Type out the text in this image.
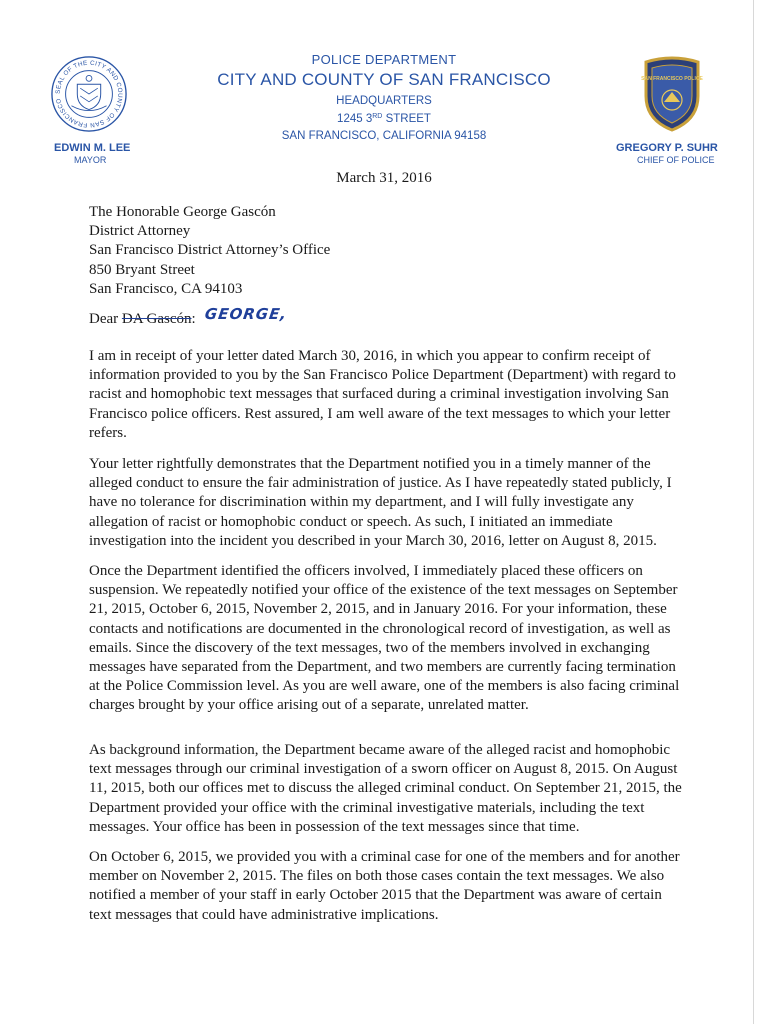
SEAL OF THE CITY AND COUNTY OF SAN FRANCISCO
POLICE DEPARTMENT
CITY AND COUNTY OF SAN FRANCISCO
HEADQUARTERS
1245 3RD STREET
SAN FRANCISCO, CALIFORNIA 94158
SAN FRANCISCO POLICE
EDWIN M. LEE
MAYOR
GREGORY P. SUHR
CHIEF OF POLICE
March 31, 2016
The Honorable George Gascón
District Attorney
San Francisco District Attorney’s Office
850 Bryant Street
San Francisco, CA 94103
Dear DA Gascón: GEORGE,

I am in receipt of your letter dated March 30, 2016, in which you appear to confirm receipt of information provided to you by the San Francisco Police Department (Department) with regard to racist and homophobic text messages that surfaced during a criminal investigation involving San Francisco police officers. Rest assured, I am well aware of the text messages to which your letter refers.

Your letter rightfully demonstrates that the Department notified you in a timely manner of the alleged conduct to ensure the fair administration of justice. As I have repeatedly stated publicly, I have no tolerance for discrimination within my department, and I will fully investigate any allegation of racist or homophobic conduct or speech. As such, I initiated an immediate investigation into the incident you described in your March 30, 2016, letter on August 8, 2015.

Once the Department identified the officers involved, I immediately placed these officers on suspension. We repeatedly notified your office of the existence of the text messages on September 21, 2015, October 6, 2015, November 2, 2015, and in January 2016. For your information, these contacts and notifications are documented in the chronological record of investigation, as well as emails. Since the discovery of the text messages, two of the members involved in exchanging messages have separated from the Department, and two members are currently facing termination at the Police Commission level. As you are well aware, one of the members is also facing criminal charges brought by your office arising out of a separate, unrelated matter.

As background information, the Department became aware of the alleged racist and homophobic text messages through our criminal investigation of a sworn officer on August 8, 2015. On August 11, 2015, both our offices met to discuss the alleged criminal conduct. On September 21, 2015, the Department provided your office with the criminal investigative materials, including the text messages. Your office has been in possession of the text messages since that time.

On October 6, 2015, we provided you with a criminal case for one of the members and for another member on November 2, 2015. The files on both those cases contain the text messages. We also notified a member of your staff in early October 2015 that the Department was aware of certain text messages that could have administrative implications.
